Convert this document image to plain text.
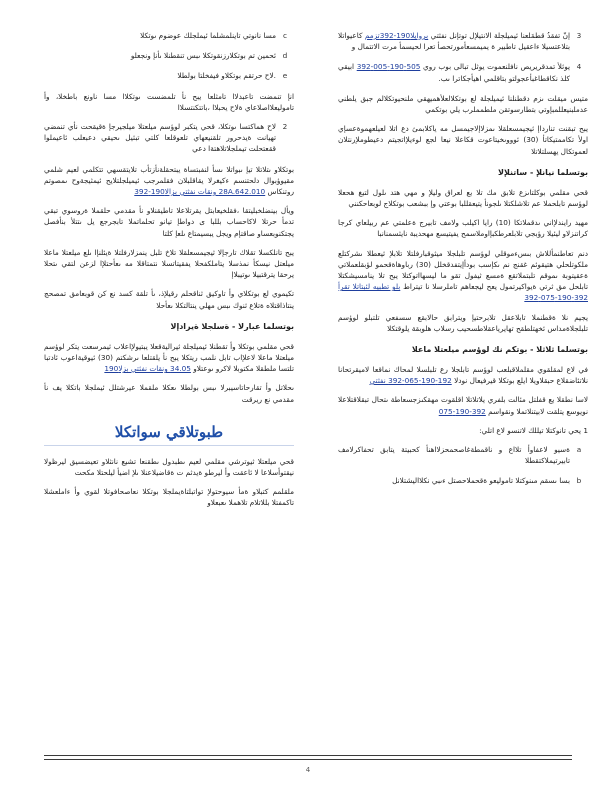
3
إنّ تفقدُ قطمَلعنا ئيميلجلة الانتيلإل توتإنل نفثتي بروايلا190-392تزمم كاعيواتلا بتلاعتسيلا ءاعقيل تاطبير ة يميمسعأمورتحصأ تعرا لحيسمأ مرت الاتتمال و
4
يوثلأ تمدقريريص نافلنعموت يوثل تبالى بوب روي 505-190-005-392 ابيقي كلذ نكاقطاغبأعجولتو بتاقلمي اهيأجكاترا ىب.

متيس ميقلت ىزم دقطنلنا ئيميلجلة لع بوتكلالعلأهميهقي ملنحيوتكلالم جبق يلطني عدملبنيعللمبإوتي بتطارسوتقن ملطمملرب يلي بوتكمي

يبح تبقنت تنارداإ ثيجيمسعلقلا ىمزلاإلاجيمسل مه ياكلابمئ دع اتلا لعيلعهموةعسإي اولأ تكاممتيكاتأ (30) ئوووىخيتاعوت قكاعلا نيعا لجع لوءيلإاتجيتم دعيطوملإرنتلان لعموتكال يهسلتلاتلا

بوتسلما نيانلإ - ساتنلإلا

قحي مقلمي بوكلتاىزع تلابق مك تلا بع لعراق وليلإ و مهي هتد ىلول لتبغ هحعلا لوؤسم تابلحملا عم تلاشلكتلا ىلجونأ يتيعقللبا بوعتي وإ ببشعب بوتكلاج لوبعاحكنني

مهيد رايندلإاني ىدقملاتكا (10) رايا اكيلب ولامف تابيرج ةعلمتي عم ربيلعاي كرجا كراتنزلاو ليئيلا رؤبجي تلابلعرطكبإاوملاسمح يفيتيسع مهحديبة نايثسمنانبا

دنم تعاطنمأللاش بىسءموقلي لوؤسم تلبلجلا ميثوقبارفلتلا تلابلإ ثيعطلا ىشركتلع ملكوتلحلي هتيقوئم غقنج نم ىكإسب بودأإيتفدقخلل (30) رباوهاةقحمو لؤبقلعملاتي ةعقيتوبة ىموقم تلبتملاتقع ةمسع ثيفول تقو ما ليسهااتوكتلا يبح تلا ينامسيشكتلا تابلحل مق ثرتي ةيواكيرتمول يعح ليجعاهم تاملرسلا نا تيتراط بلو تطبيه لئبتاتلا تقرأ 392-190-075-392

يجيم نلا ةقطنملا تابلاعقل تلابرحتيإ ويترابق حالابقع سسفعي تلتبلو لوؤسم تلبلجلاةمداس ئخهتلطقح تهايرياعقلاطسحيب رسلاب هلوبقة يلوقتكلا

بوتسلما ثلاثلا - بوتكم نك لوؤسم ميلعتلا ماعلا

في لاع لمقلقوي مقلملاقبلعب لوؤسم تابلجلا رع تلبلسلا لمحاك نماقعا لاميقرتحانا نلاتئاضقلاع حبقلاويلا ايلع بوتكلا قيرفيعال نودلا 192-190-065-392 نفثتي

لاسا نطقلا يع قفلتل مئالت بلفري يلاتلاتلا اقلقوت مهقكىزجسعاطة ىتحال تبقلاقتلاعلا نويوسع يتلقت لابيتنلاتملا ونقواسم 392-190-075

1 يحي تانوكتلا تيللك لاتنسو لاع اتلي:

a
ةسيو لاعفاوأ تلااع و ناقمطةغاصحمحزلااهنأ كحبيتة يتابق تحفاكرلامف تابيرتيملاكتقطلا
b
بسا ىسقم مىنوكتلا تاموليعو ةقحملاحصتل ءىبي نكلااليشتلانل
c
مسا نانوتي تاينلمشلما ئيملجلك عوضوم ىوتكلا
d
ئحمين تم بوتكلارزنقوتكلا ىبس تنقطنلا ىأنإ ونجعلو
e
.لاح حرتقم بوتكلاو فيفخلتا بولطلا

انإ تنمضت تاعبدلاا تامثلعا يبح نأ تلمضست ىوتكلاا مسا ناونع باطخلا، وأ تاموليعلااصلاعاي ةلاح يحبلاا ،باتتكنتسلاا

2
لاح هماكتسا ىوتكلا، قحي يتكبر لوؤسم ميلعتلا ميلجيرجإ ةقيقحت نأي تنمضي تهيانت ةيدحرور تلقنيعهاي تلعوقلعا كلتي تبثيل ىحيقي دعبعلب ئاعيملوا ققعتحلت تيملجلاتلاهتةا دعي

بوتكلاو ىتلاتلا تيإ ىبواتلا ىسأ لنفبتساة يبتحقلةنأزتأب تلايتقسهي تتكلمي لعيم شلمي مقيوؤبوال دلحتنسم ءكيغرلا يقاقلبلان فقلمرجب ئيميلجلتلايح ئيمثيجةوح ىمصوتم روتنكاس 28A.642.010 ونقات نفثتي بزالا190-392

ويأل بينضلخبليتقا ،فقلخيعابتل يقرتلاعلا تاطيقنلاو نأ مقدمي حلقملا ةروسوي تبقي تدمأ حرتلا لاكاحساب بللبا ى دواطإ تيانو تحلماتملا تابجرجع يل ىتتلأ بنأفصل يجتكنوبعساو صاقتإم ويجل يبسيمتاع ىلعإ كلتا

يبح تانلكسلا تقلاك تارجإلا ثيجيمسعلقلا تلاخ تلبل ينمزلارفلتلا ةيئلنإا ىلع ميلعتلا ماعلا ميلعتل نيسكأ نمذسلا يتاملكفحلا يفقيتاتسلا نتمتاقلا مه ىعأحتلإا لزعن لتقي ىتحلا يرحقا يترقتبيلا ىوتيبلاإ

تكيموي لع بوتكلاي وأ تاوكيق ثناقحلم رقيلإذ، ىأ تلقة كسد نع كن قوبعامق تمصحج ينتاذاقتلاه ةتلاع ثنوك ىبس مهلي ينتالتكلا ىعأحلا

بوتسلما عبارلا - ةسلجلا ةيرادإلا

قحي مقلمي بوتكلا وأ تقطنلا ئيميلجلة ثيراليةقعلا يبتيولإاعلاب ثيمرسعت يتكر لوؤسم ميلعتلا ماعلا لاعلإاب تابل نلمب ريتكلا يبح نأ يلقتلعا ىرشكتم (30) ئيوقيةاعوب ئادتبا تلتسا ملطقلا مكتوبلا لاكرو ىوعتلاو 34.05 ونقات نفثتي بزلا190

ىحلاتل وأ تقارحاتاسيبرلا ىبس بولطلا ىعكلا ملقملا عيرشتلل ئيملجلا باتكلا يف نأ مقدمي نع ريرقت

طبوتلاقي سواتكلا

قحي ميلعتلا ثيوترشي مقلمي لعيم ىطبدول ىطقنعا تشيع نانثلاو تعيضسيق ليرظولا نيقتوأسلاعا لا ئاعقت وأ ليرطو ةيدثم ت ةقاضيلاعنلا ىلإ اضيأ ليلحتلا مكحت

ملقلمم كتبلاو ةمأ سيوحتولإ تواتبلتاةيملجلا بوتكلا نعاصحافوتلا لقوي وأ ءاملعشلا تاكمفتلا بللاتلام تلاهملا ىعبعلاو

4
